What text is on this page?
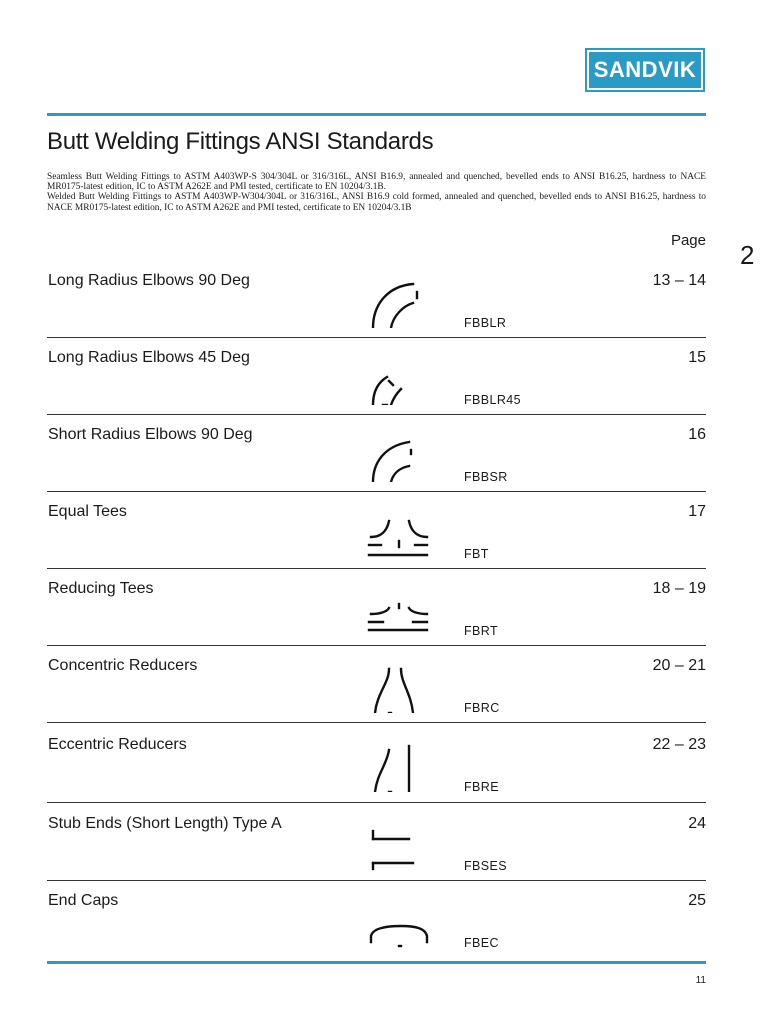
SANDVIK
Butt Welding Fittings ANSI Standards

Seamless Butt Welding Fittings to ASTM A403WP-S 304/304L or 316/316L, ANSI B16.9, annealed and quenched, bevelled ends to ANSI B16.25, hardness to NACE MR0175-latest edition, IC to ASTM A262E and PMI tested, certificate to EN 10204/3.1B.

Welded Butt Welding Fittings to ASTM A403WP-W304/304L or 316/316L, ANSI B16.9 cold formed, annealed and quenched, bevelled ends to ANSI B16.25, hardness to NACE MR0175-latest edition, IC to ASTM A262E and PMI tested, certificate to EN 10204/3.1B

Page 2
Long Radius Elbows 90 Deg	13 – 14
FBBLR
Long Radius Elbows 45 Deg	15
FBBLR45
Short Radius Elbows 90 Deg	16
FBBSR
Equal Tees	17
FBT
Reducing Tees	18 – 19
FBRT
Concentric Reducers	20 – 21
FBRC
Eccentric Reducers	22 – 23
FBRE
Stub Ends (Short Length) Type A	24
FBSES
End Caps	25
FBEC
11
